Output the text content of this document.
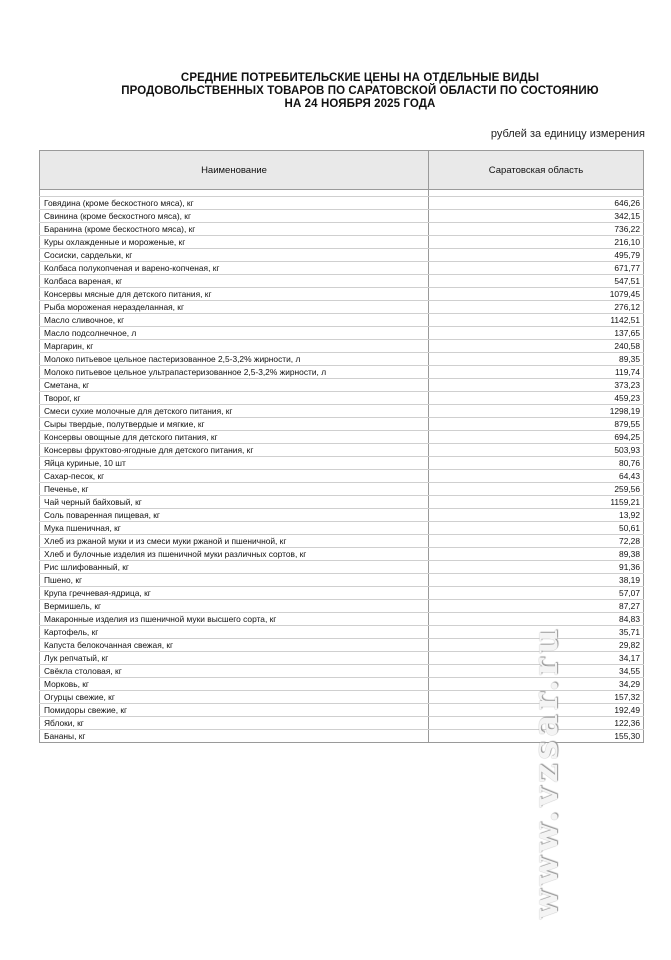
СРЕДНИЕ ПОТРЕБИТЕЛЬСКИЕ ЦЕНЫ НА ОТДЕЛЬНЫЕ ВИДЫ
ПРОДОВОЛЬСТВЕННЫХ ТОВАРОВ ПО САРАТОВСКОЙ ОБЛАСТИ ПО СОСТОЯНИЮ
НА 24 НОЯБРЯ 2025 ГОДА
рублей за единицу измерения
Наименование	Саратовская область

Говядина (кроме бескостного мяса), кг	646,26
Свинина (кроме бескостного мяса), кг	342,15
Баранина (кроме бескостного мяса), кг	736,22
Куры охлажденные и мороженые, кг	216,10
Сосиски, сардельки, кг	495,79
Колбаса полукопченая и варено-копченая, кг	671,77
Колбаса вареная, кг	547,51
Консервы мясные для детского питания, кг	1079,45
Рыба мороженая неразделанная, кг	276,12
Масло сливочное, кг	1142,51
Масло подсолнечное, л	137,65
Маргарин, кг	240,58
Молоко питьевое цельное пастеризованное 2,5-3,2% жирности, л	89,35
Молоко питьевое цельное ультрапастеризованное 2,5-3,2% жирности, л	119,74
Сметана, кг	373,23
Творог, кг	459,23
Смеси сухие молочные для детского питания, кг	1298,19
Сыры твердые, полутвердые и мягкие, кг	879,55
Консервы овощные для детского питания, кг	694,25
Консервы фруктово-ягодные для детского питания, кг	503,93
Яйца куриные, 10 шт	80,76
Сахар-песок, кг	64,43
Печенье, кг	259,56
Чай черный байховый, кг	1159,21
Соль поваренная пищевая, кг	13,92
Мука пшеничная, кг	50,61
Хлеб из ржаной муки и из смеси муки ржаной и пшеничной, кг	72,28
Хлеб и булочные изделия из пшеничной муки различных сортов, кг	89,38
Рис шлифованный, кг	91,36
Пшено, кг	38,19
Крупа гречневая-ядрица, кг	57,07
Вермишель, кг	87,27
Макаронные изделия из пшеничной муки высшего сорта, кг	84,83
Картофель, кг	35,71
Капуста белокочанная свежая, кг	29,82
Лук репчатый, кг	34,17
Свёкла столовая, кг	34,55
Морковь, кг	34,29
Огурцы свежие, кг	157,32
Помидоры свежие, кг	192,49
Яблоки, кг	122,36
Бананы, кг	155,30
www.vzsar.ru
